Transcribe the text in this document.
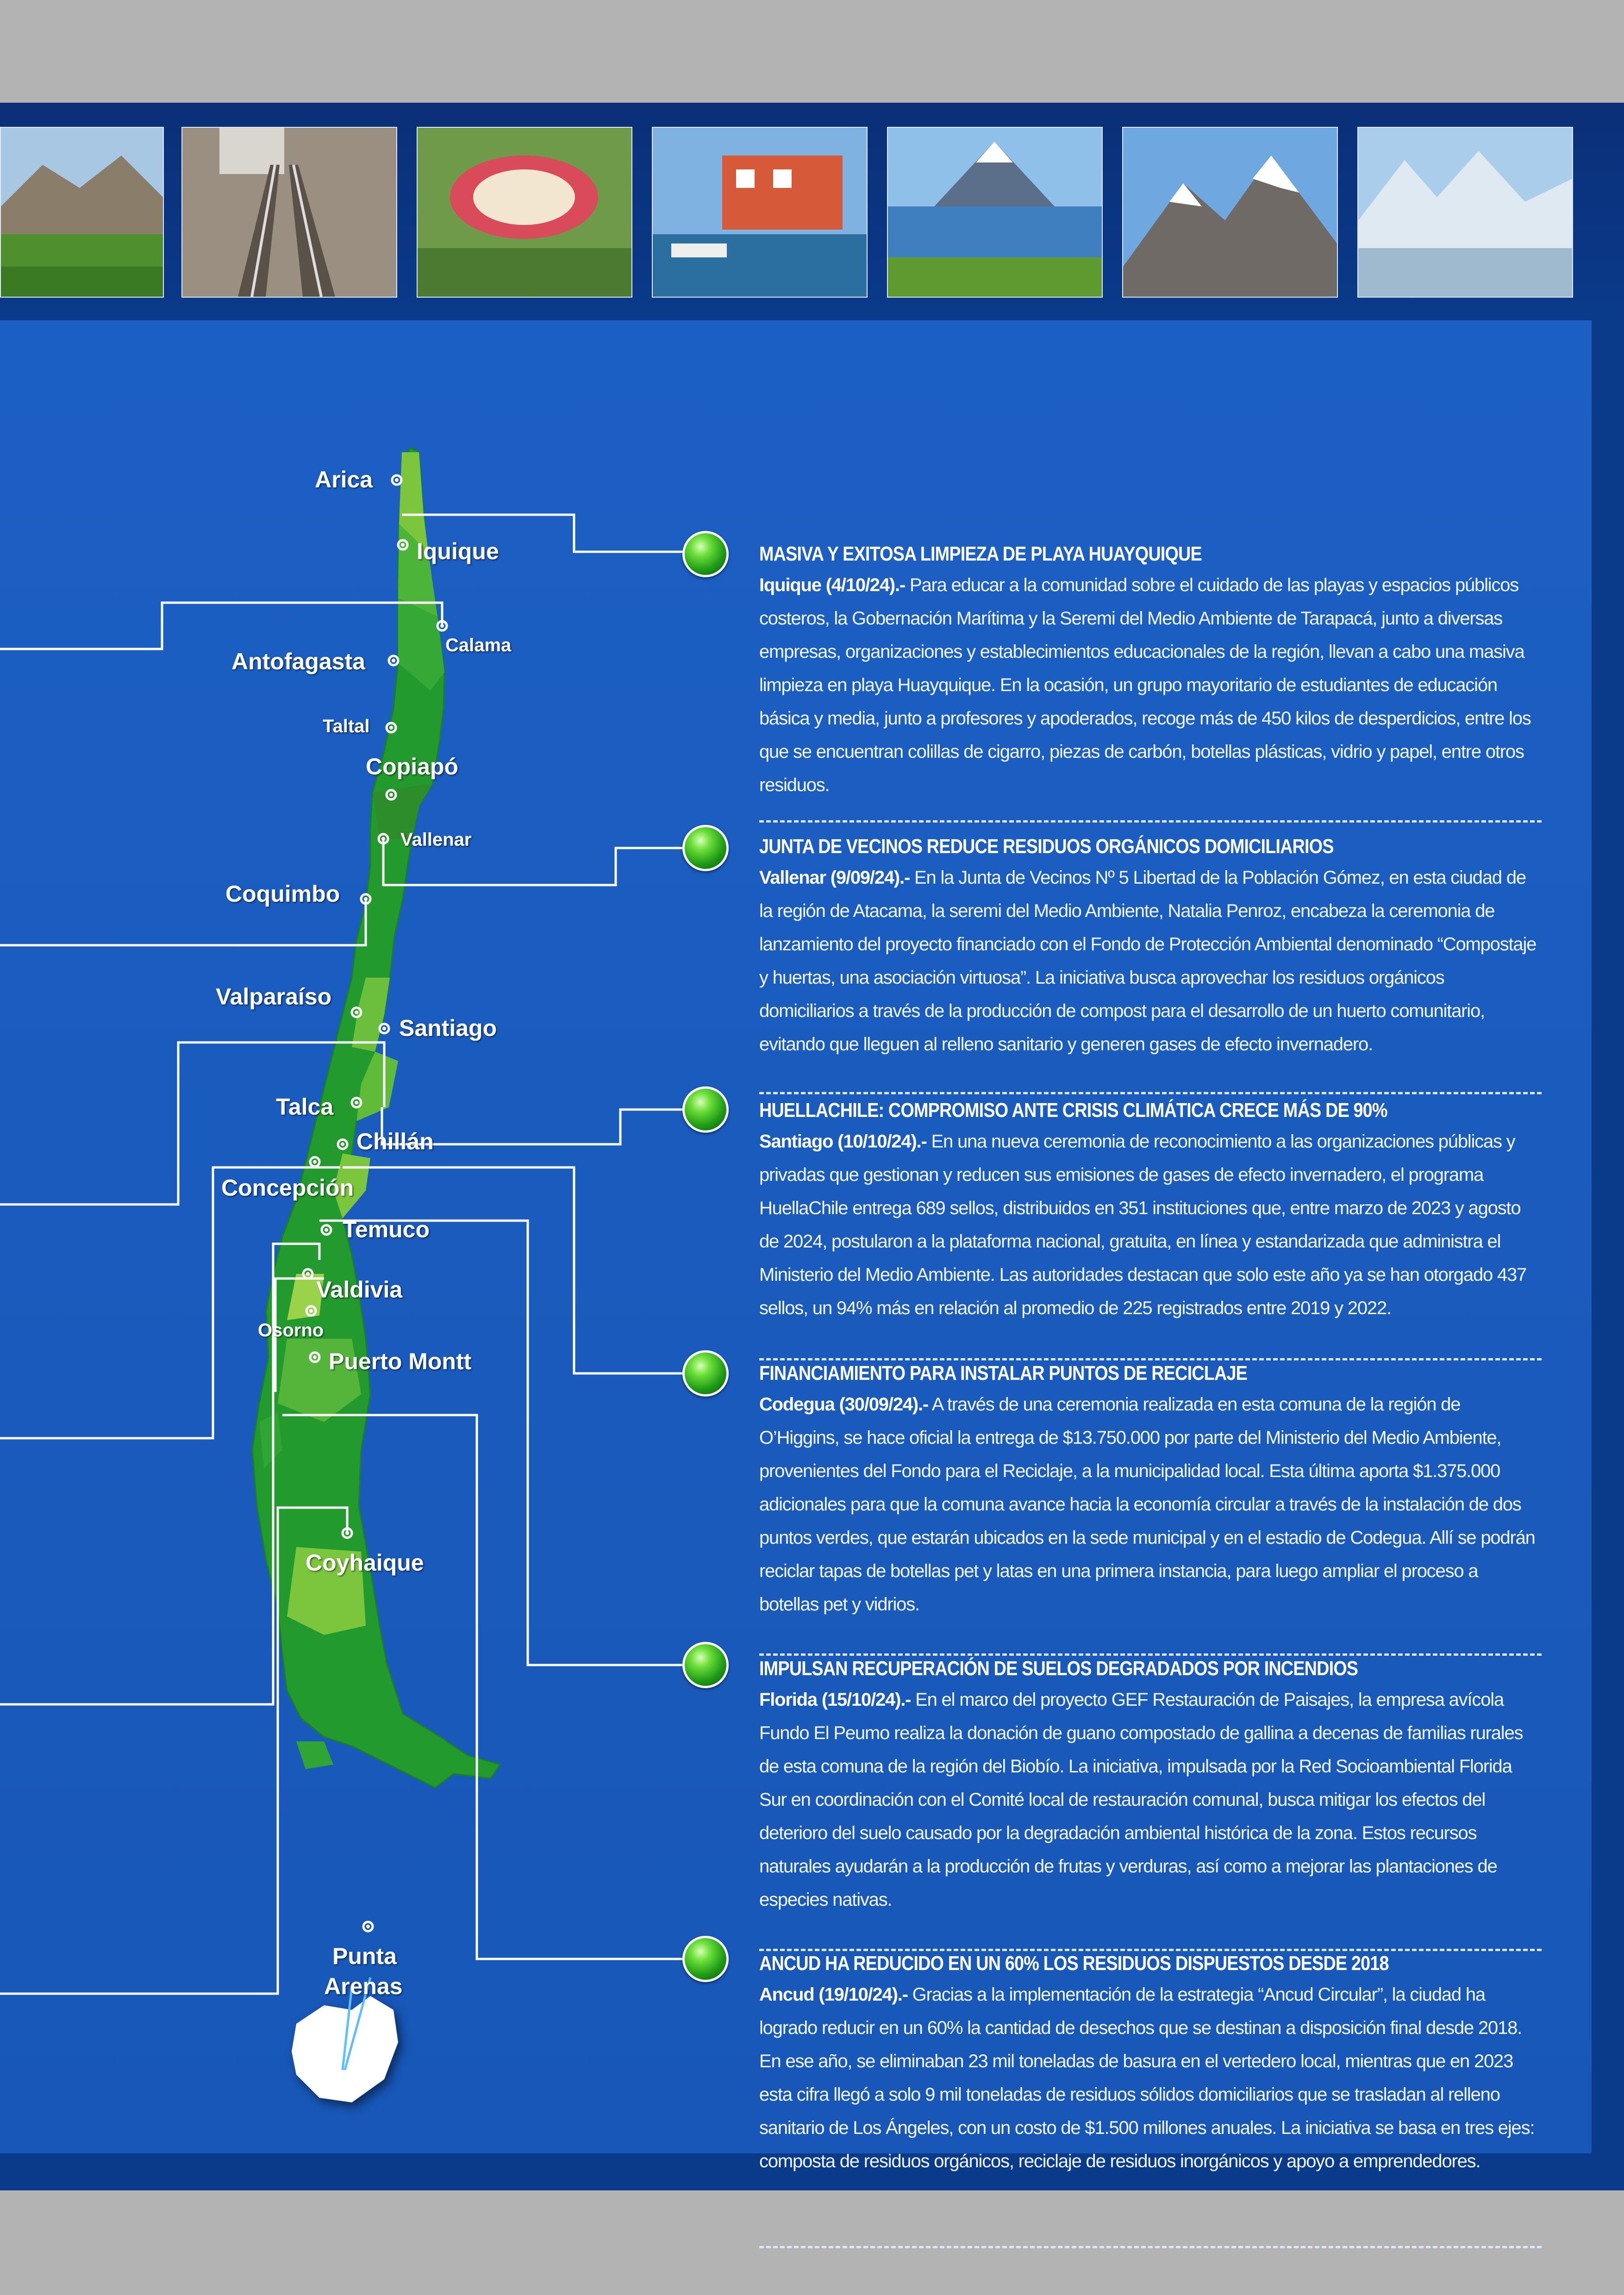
Arica
Iquique
Calama
Antofagasta
Taltal
Copiapó
Vallenar
Coquimbo
Valparaíso
Santiago
Talca
Chillán
Concepción
Temuco
Valdivia
Osorno
Puerto Montt
Coyhaique
Punta
Arenas
MASIVA Y EXITOSA LIMPIEZA DE PLAYA HUAYQUIQUE

Iquique (4/10/24).- Para educar a la comunidad sobre el cuidado de las playas y espacios públicos costeros, la Gobernación Marítima y la Seremi del Medio Ambiente de Tarapacá, junto a diversas empresas, organizaciones y establecimientos educacionales de la región, llevan a cabo una masiva limpieza en playa Huayquique. En la ocasión, un grupo mayoritario de estudiantes de educación básica y media, junto a profesores y apoderados, recoge más de 450 kilos de desperdicios, entre los que se encuentran colillas de cigarro, piezas de carbón, botellas plásticas, vidrio y papel, entre otros residuos.

JUNTA DE VECINOS REDUCE RESIDUOS ORGÁNICOS DOMICILIARIOS

Vallenar (9/09/24).- En la Junta de Vecinos Nº 5 Libertad de la Población Gómez, en esta ciudad de la región de Atacama, la seremi del Medio Ambiente, Natalia Penroz, encabeza la ceremonia de lanzamiento del proyecto financiado con el Fondo de Protección Ambiental denominado “Compostaje y huertas, una asociación virtuosa”. La iniciativa busca aprovechar los residuos orgánicos domiciliarios a través de la producción de compost para el desarrollo de un huerto comunitario, evitando que lleguen al relleno sanitario y generen gases de efecto invernadero.

HUELLACHILE: COMPROMISO ANTE CRISIS CLIMÁTICA CRECE MÁS DE 90%

Santiago (10/10/24).- En una nueva ceremonia de reconocimiento a las organizaciones públicas y privadas que gestionan y reducen sus emisiones de gases de efecto invernadero, el programa HuellaChile entrega 689 sellos, distribuidos en 351 instituciones que, entre marzo de 2023 y agosto de 2024, postularon a la plataforma nacional, gratuita, en línea y estandarizada que administra el Ministerio del Medio Ambiente. Las autoridades destacan que solo este año ya se han otorgado 437 sellos, un 94% más en relación al promedio de 225 registrados entre 2019 y 2022.

FINANCIAMIENTO PARA INSTALAR PUNTOS DE RECICLAJE

Codegua (30/09/24).- A través de una ceremonia realizada en esta comuna de la región de O’Higgins, se hace oficial la entrega de $13.750.000 por parte del Ministerio del Medio Ambiente, provenientes del Fondo para el Reciclaje, a la municipalidad local. Esta última aporta $1.375.000 adicionales para que la comuna avance hacia la economía circular a través de la instalación de dos puntos verdes, que estarán ubicados en la sede municipal y en el estadio de Codegua. Allí se podrán reciclar tapas de botellas pet y latas en una primera instancia, para luego ampliar el proceso a botellas pet y vidrios.

IMPULSAN RECUPERACIÓN DE SUELOS DEGRADADOS POR INCENDIOS

Florida (15/10/24).- En el marco del proyecto GEF Restauración de Paisajes, la empresa avícola Fundo El Peumo realiza la donación de guano compostado de gallina a decenas de familias rurales de esta comuna de la región del Biobío. La iniciativa, impulsada por la Red Socioambiental Florida Sur en coordinación con el Comité local de restauración comunal, busca mitigar los efectos del deterioro del suelo causado por la degradación ambiental histórica de la zona. Estos recursos naturales ayudarán a la producción de frutas y verduras, así como a mejorar las plantaciones de especies nativas.

ANCUD HA REDUCIDO EN UN 60% LOS RESIDUOS DISPUESTOS DESDE 2018

Ancud (19/10/24).- Gracias a la implementación de la estrategia “Ancud Circular”, la ciudad ha logrado reducir en un 60% la cantidad de desechos que se destinan a disposición final desde 2018. En ese año, se eliminaban 23 mil toneladas de basura en el vertedero local, mientras que en 2023 esta cifra llegó a solo 9 mil toneladas de residuos sólidos domiciliarios que se trasladan al relleno sanitario de Los Ángeles, con un costo de $1.500 millones anuales. La iniciativa se basa en tres ejes: composta de residuos orgánicos, reciclaje de residuos inorgánicos y apoyo a emprendedores.
